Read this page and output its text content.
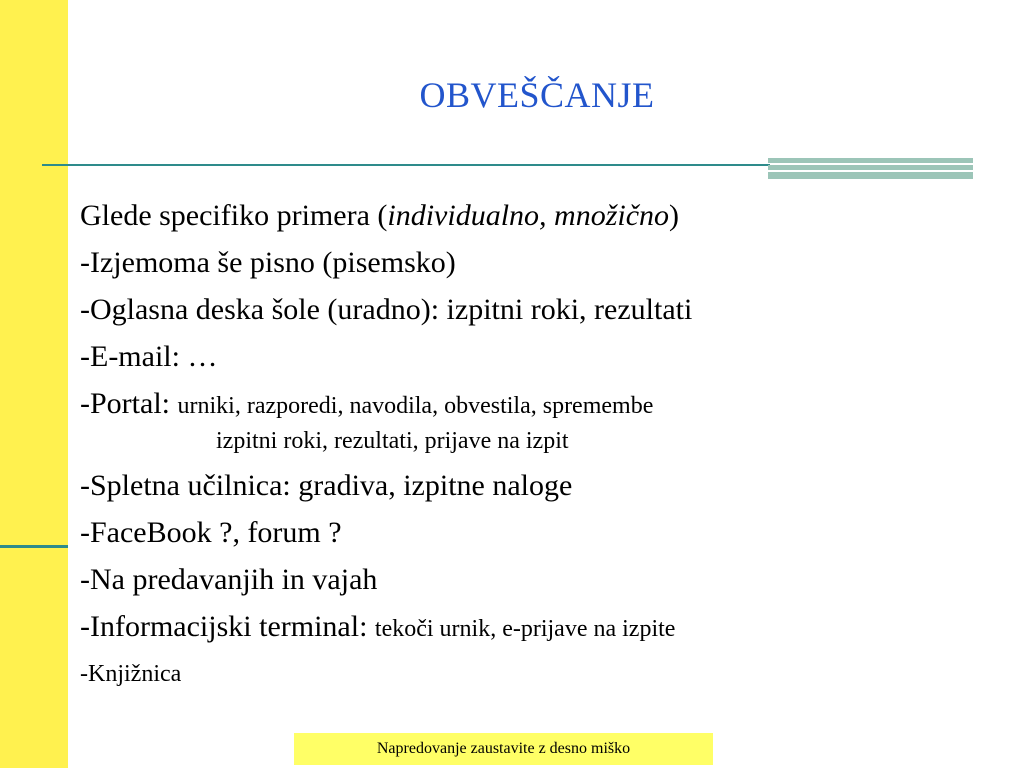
OBVEŠČANJE
Glede specifiko primera (individualno, množično)
-Izjemoma še pisno (pisemsko)
-Oglasna deska šole (uradno): izpitni roki, rezultati
-E-mail: …
-Portal: urniki, razporedi, navodila, obvestila, spremembe
izpitni roki, rezultati, prijave na izpit
-Spletna učilnica: gradiva, izpitne naloge
-FaceBook ?, forum ?
-Na predavanjih in vajah
-Informacijski terminal: tekoči urnik, e-prijave na izpite
-Knjižnica
Napredovanje zaustavite z desno miško
